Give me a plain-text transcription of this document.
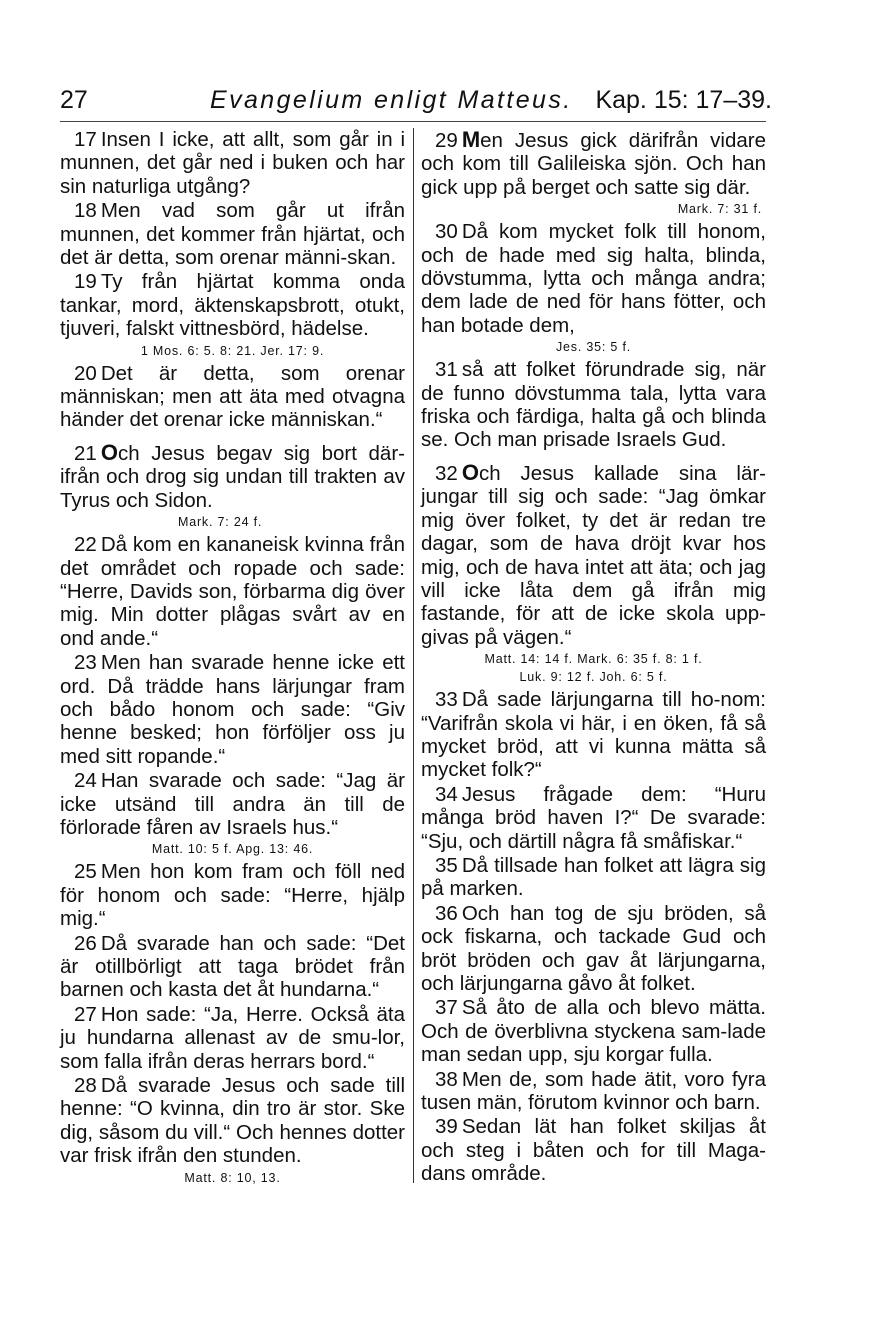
27	Evangelium enligt Matteus. Kap. 15: 17–39.

17 Insen I icke, att allt, som går in i munnen, det går ned i buken och har sin naturliga utgång?

18 Men vad som går ut ifrån munnen, det kommer från hjärtat, och det är detta, som orenar männi-skan.

19 Ty från hjärtat komma onda tankar, mord, äktenskapsbrott, otukt, tjuveri, falskt vittnesbörd, hädelse.

1 Mos. 6: 5. 8: 21. Jer. 17: 9.

20 Det är detta, som orenar människan; men att äta med otvagna händer det orenar icke människan.“

21 Och Jesus begav sig bort där-ifrån och drog sig undan till trakten av Tyrus och Sidon.

Mark. 7: 24 f.

22 Då kom en kananeisk kvinna från det området och ropade och sade: “Herre, Davids son, förbarma dig över mig. Min dotter plågas svårt av en ond ande.“

23 Men han svarade henne icke ett ord. Då trädde hans lärjungar fram och bådo honom och sade: “Giv henne besked; hon förföljer oss ju med sitt ropande.“

24 Han svarade och sade: “Jag är icke utsänd till andra än till de förlorade fåren av Israels hus.“

Matt. 10: 5 f. Apg. 13: 46.

25 Men hon kom fram och föll ned för honom och sade: “Herre, hjälp mig.“

26 Då svarade han och sade: “Det är otillbörligt att taga brödet från barnen och kasta det åt hundarna.“

27 Hon sade: “Ja, Herre. Också äta ju hundarna allenast av de smu-lor, som falla ifrån deras herrars bord.“

28 Då svarade Jesus och sade till henne: “O kvinna, din tro är stor. Ske dig, såsom du vill.“ Och hennes dotter var frisk ifrån den stunden.

Matt. 8: 10, 13.

29 Men Jesus gick därifrån vidare och kom till Galileiska sjön. Och han gick upp på berget och satte sig där.

Mark. 7: 31 f.

30 Då kom mycket folk till honom, och de hade med sig halta, blinda, dövstumma, lytta och många andra; dem lade de ned för hans fötter, och han botade dem,

Jes. 35: 5 f.

31 så att folket förundrade sig, när de funno dövstumma tala, lytta vara friska och färdiga, halta gå och blinda se. Och man prisade Israels Gud.

32 Och Jesus kallade sina lär-jungar till sig och sade: “Jag ömkar mig över folket, ty det är redan tre dagar, som de hava dröjt kvar hos mig, och de hava intet att äta; och jag vill icke låta dem gå ifrån mig fastande, för att de icke skola upp-givas på vägen.“

Matt. 14: 14 f. Mark. 6: 35 f. 8: 1 f.

Luk. 9: 12 f. Joh. 6: 5 f.

33 Då sade lärjungarna till ho-nom: “Varifrån skola vi här, i en öken, få så mycket bröd, att vi kunna mätta så mycket folk?“

34 Jesus frågade dem: “Huru många bröd haven I?“ De svarade: “Sju, och därtill några få småfiskar.“

35 Då tillsade han folket att lägra sig på marken.

36 Och han tog de sju bröden, så ock fiskarna, och tackade Gud och bröt bröden och gav åt lärjungarna, och lärjungarna gåvo åt folket.

37 Så åto de alla och blevo mätta. Och de överblivna styckena sam-lade man sedan upp, sju korgar fulla.

38 Men de, som hade ätit, voro fyra tusen män, förutom kvinnor och barn.

39 Sedan lät han folket skiljas åt och steg i båten och for till Maga-dans område.
